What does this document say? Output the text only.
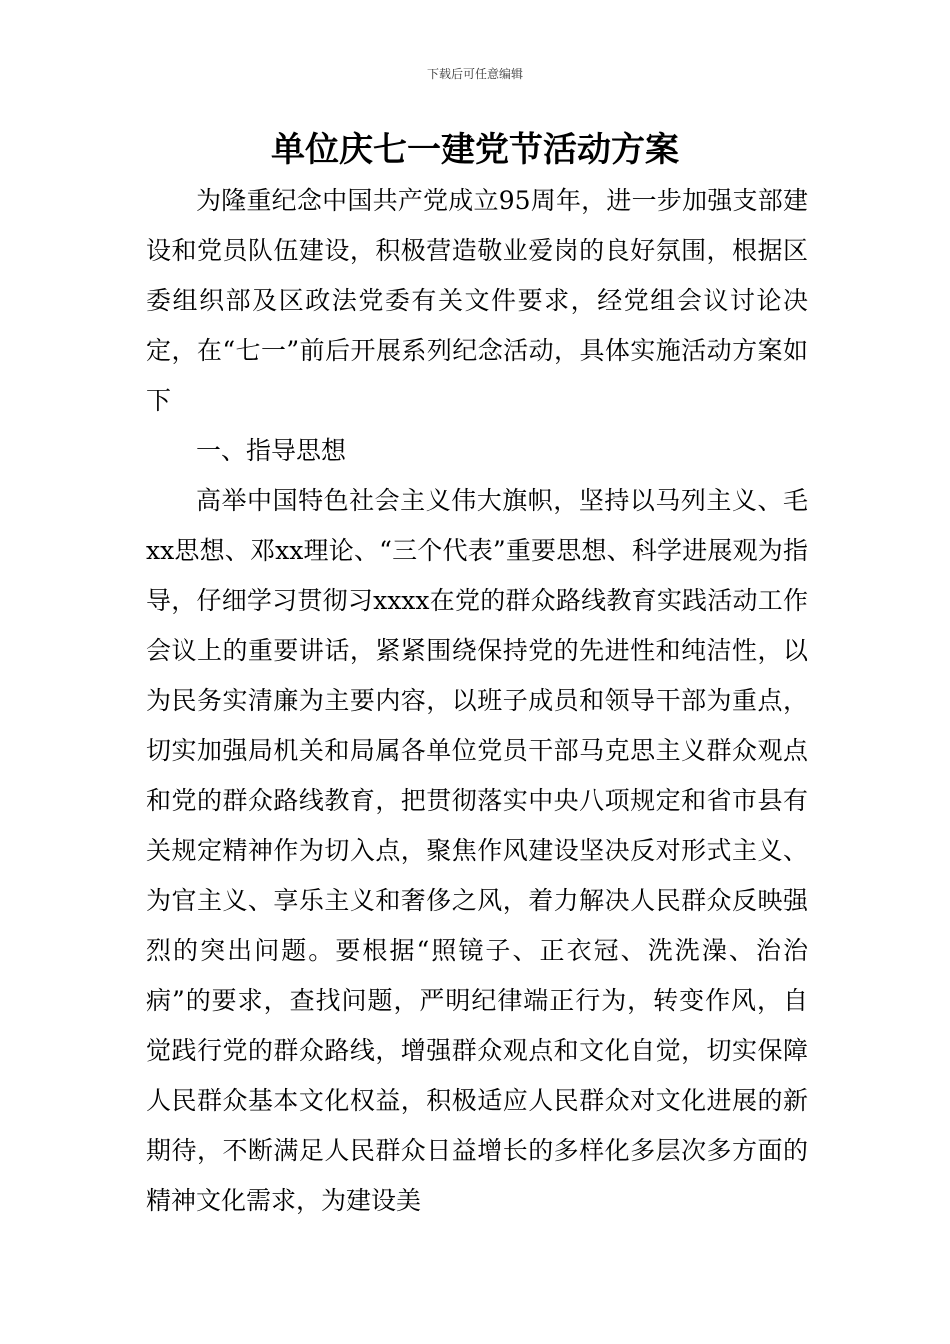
下载后可任意编辑
单位庆七一建党节活动方案

为隆重纪念中国共产党成立95周年，进一步加强支部建设和党员队伍建设，积极营造敬业爱岗的良好氛围，根据区委组织部及区政法党委有关文件要求，经党组会议讨论决定，在“七一”前后开展系列纪念活动，具体实施活动方案如下

一、指导思想

高举中国特色社会主义伟大旗帜，坚持以马列主义、毛xx思想、邓xx理论、“三个代表”重要思想、科学进展观为指导，仔细学习贯彻习xxxx在党的群众路线教育实践活动工作会议上的重要讲话，紧紧围绕保持党的先进性和纯洁性，以为民务实清廉为主要内容，以班子成员和领导干部为重点，切实加强局机关和局属各单位党员干部马克思主义群众观点和党的群众路线教育，把贯彻落实中央八项规定和省市县有关规定精神作为切入点，聚焦作风建设坚决反对形式主义、为官主义、享乐主义和奢侈之风，着力解决人民群众反映强烈的突出问题。要根据“照镜子、正衣冠、洗洗澡、治治病”的要求，查找问题，严明纪律端正行为，转变作风，自觉践行党的群众路线，增强群众观点和文化自觉，切实保障人民群众基本文化权益，积极适应人民群众对文化进展的新期待，不断满足人民群众日益增长的多样化多层次多方面的精神文化需求，为建设美
